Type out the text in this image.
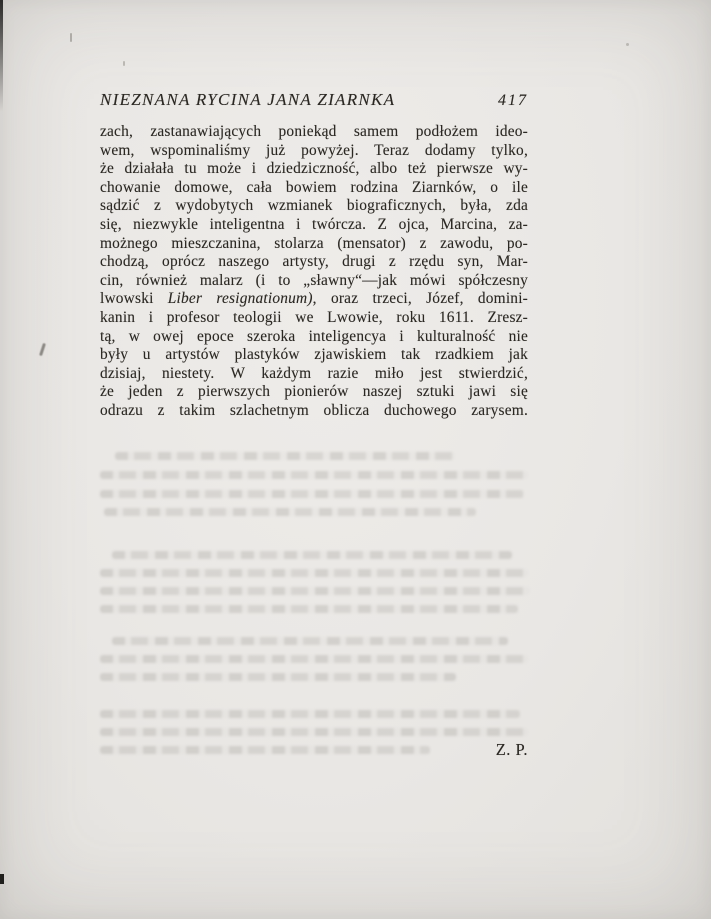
NIEZNANA RYCINA JANA ZIARNKA	417
zach, zastanawiających poniekąd samem podłożem ideo-
wem, wspominaliśmy już powyżej. Teraz dodamy tylko,
że działała tu może i dziedziczność, albo też pierwsze wy-
chowanie domowe, cała bowiem rodzina Ziarnków, o ile
sądzić z wydobytych wzmianek biograficznych, była, zda
się, niezwykle inteligentna i twórcza. Z ojca, Marcina, za-
możnego mieszczanina, stolarza (mensator) z zawodu, po-
chodzą, oprócz naszego artysty, drugi z rzędu syn, Mar-
cin, również malarz (i to „sławny“—jak mówi spółczesny
lwowski Liber resignationum), oraz trzeci, Józef, domini-
kanin i profesor teologii we Lwowie, roku 1611. Zresz-
tą, w owej epoce szeroka inteligencya i kulturalność nie
były u artystów plastyków zjawiskiem tak rzadkiem jak
dzisiaj, niestety. W każdym razie miło jest stwierdzić,
że jeden z pierwszych pionierów naszej sztuki jawi się
odrazu z takim szlachetnym oblicza duchowego zarysem.
Z. P.
